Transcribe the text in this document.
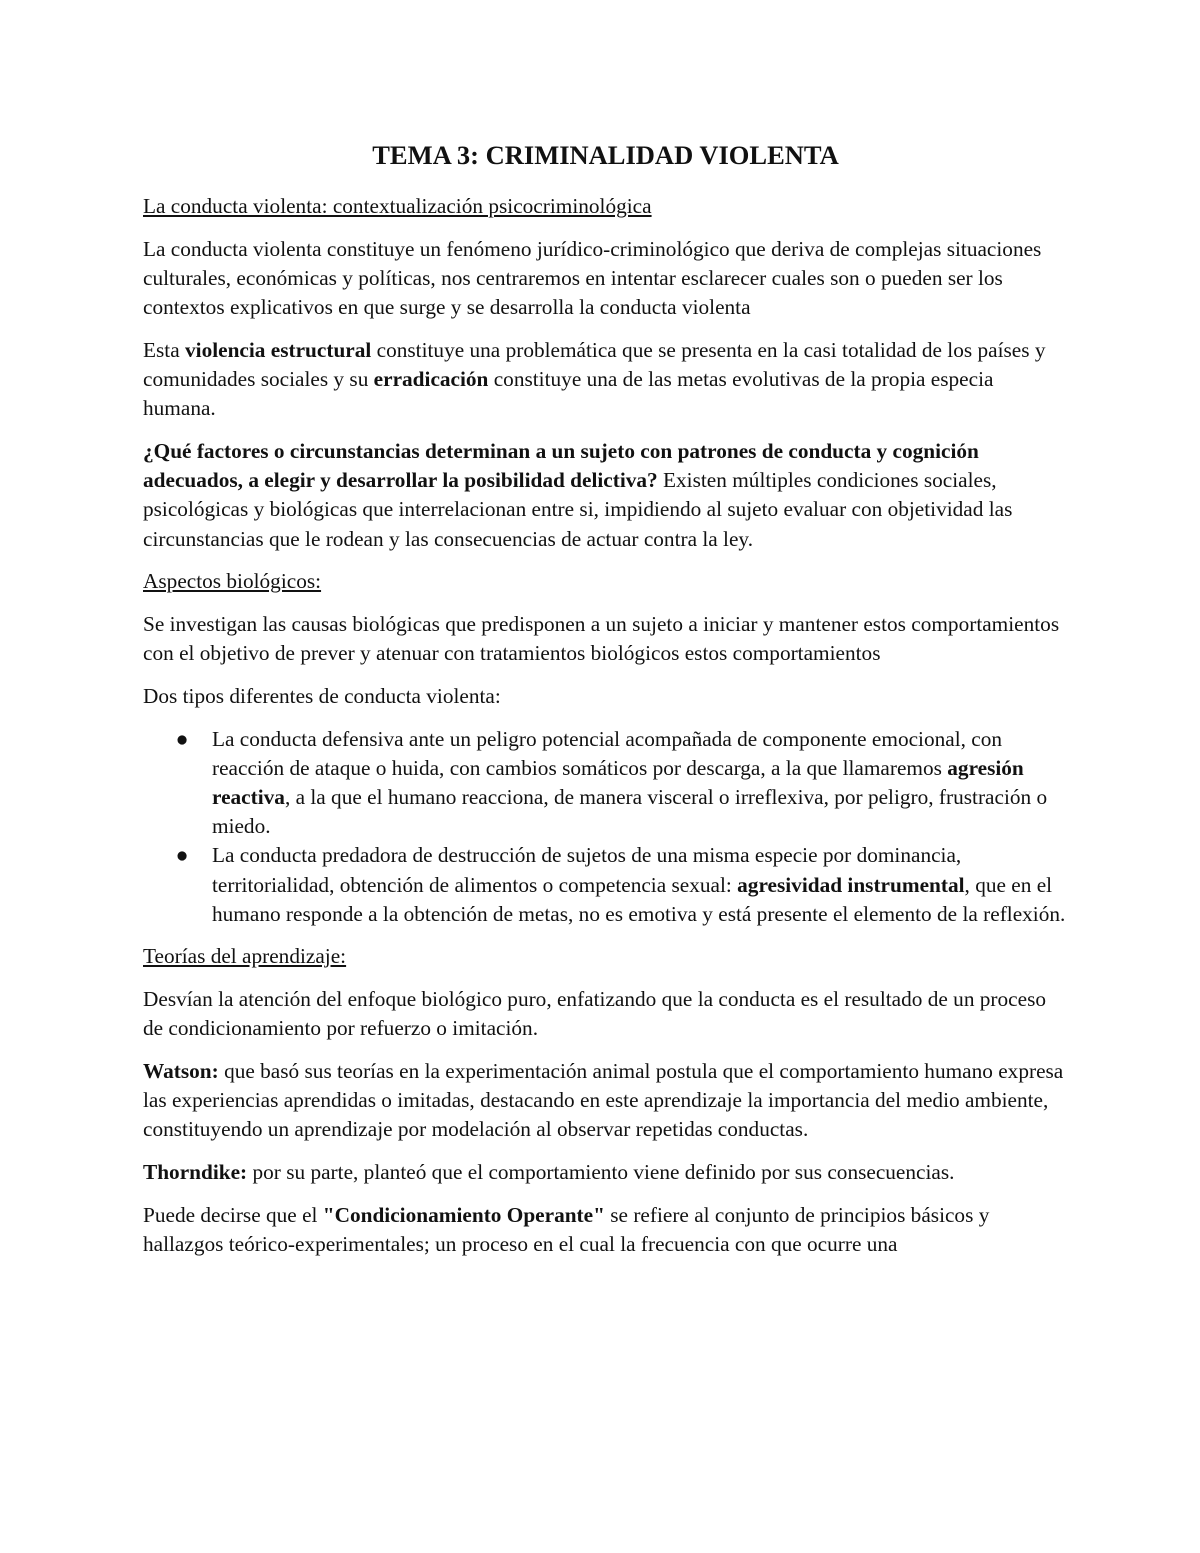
TEMA 3: CRIMINALIDAD VIOLENTA

La conducta violenta: contextualización psicocriminológica

La conducta violenta constituye un fenómeno jurídico-criminológico que deriva de complejas situaciones culturales, económicas y políticas, nos centraremos en intentar esclarecer cuales son o pueden ser los contextos explicativos en que surge y se desarrolla la conducta violenta

Esta violencia estructural constituye una problemática que se presenta en la casi totalidad de los países y comunidades sociales y su erradicación constituye una de las metas evolutivas de la propia especia humana.

¿Qué factores o circunstancias determinan a un sujeto con patrones de conducta y cognición adecuados, a elegir y desarrollar la posibilidad delictiva? Existen múltiples condiciones sociales, psicológicas y biológicas que interrelacionan entre si, impidiendo al sujeto evaluar con objetividad las circunstancias que le rodean y las consecuencias de actuar contra la ley.

Aspectos biológicos:

Se investigan las causas biológicas que predisponen a un sujeto a iniciar y mantener estos comportamientos con el objetivo de prever y atenuar con tratamientos biológicos estos comportamientos

Dos tipos diferentes de conducta violenta:

● La conducta defensiva ante un peligro potencial acompañada de componente emocional, con reacción de ataque o huida, con cambios somáticos por descarga, a la que llamaremos agresión reactiva, a la que el humano reacciona, de manera visceral o irreflexiva, por peligro, frustración o miedo.
● La conducta predadora de destrucción de sujetos de una misma especie por dominancia, territorialidad, obtención de alimentos o competencia sexual: agresividad instrumental, que en el humano responde a la obtención de metas, no es emotiva y está presente el elemento de la reflexión.

Teorías del aprendizaje:

Desvían la atención del enfoque biológico puro, enfatizando que la conducta es el resultado de un proceso de condicionamiento por refuerzo o imitación.

Watson: que basó sus teorías en la experimentación animal postula que el comportamiento humano expresa las experiencias aprendidas o imitadas, destacando en este aprendizaje la importancia del medio ambiente, constituyendo un aprendizaje por modelación al observar repetidas conductas.

Thorndike: por su parte, planteó que el comportamiento viene definido por sus consecuencias.

Puede decirse que el "Condicionamiento Operante" se refiere al conjunto de principios básicos y hallazgos teórico-experimentales; un proceso en el cual la frecuencia con que ocurre una
